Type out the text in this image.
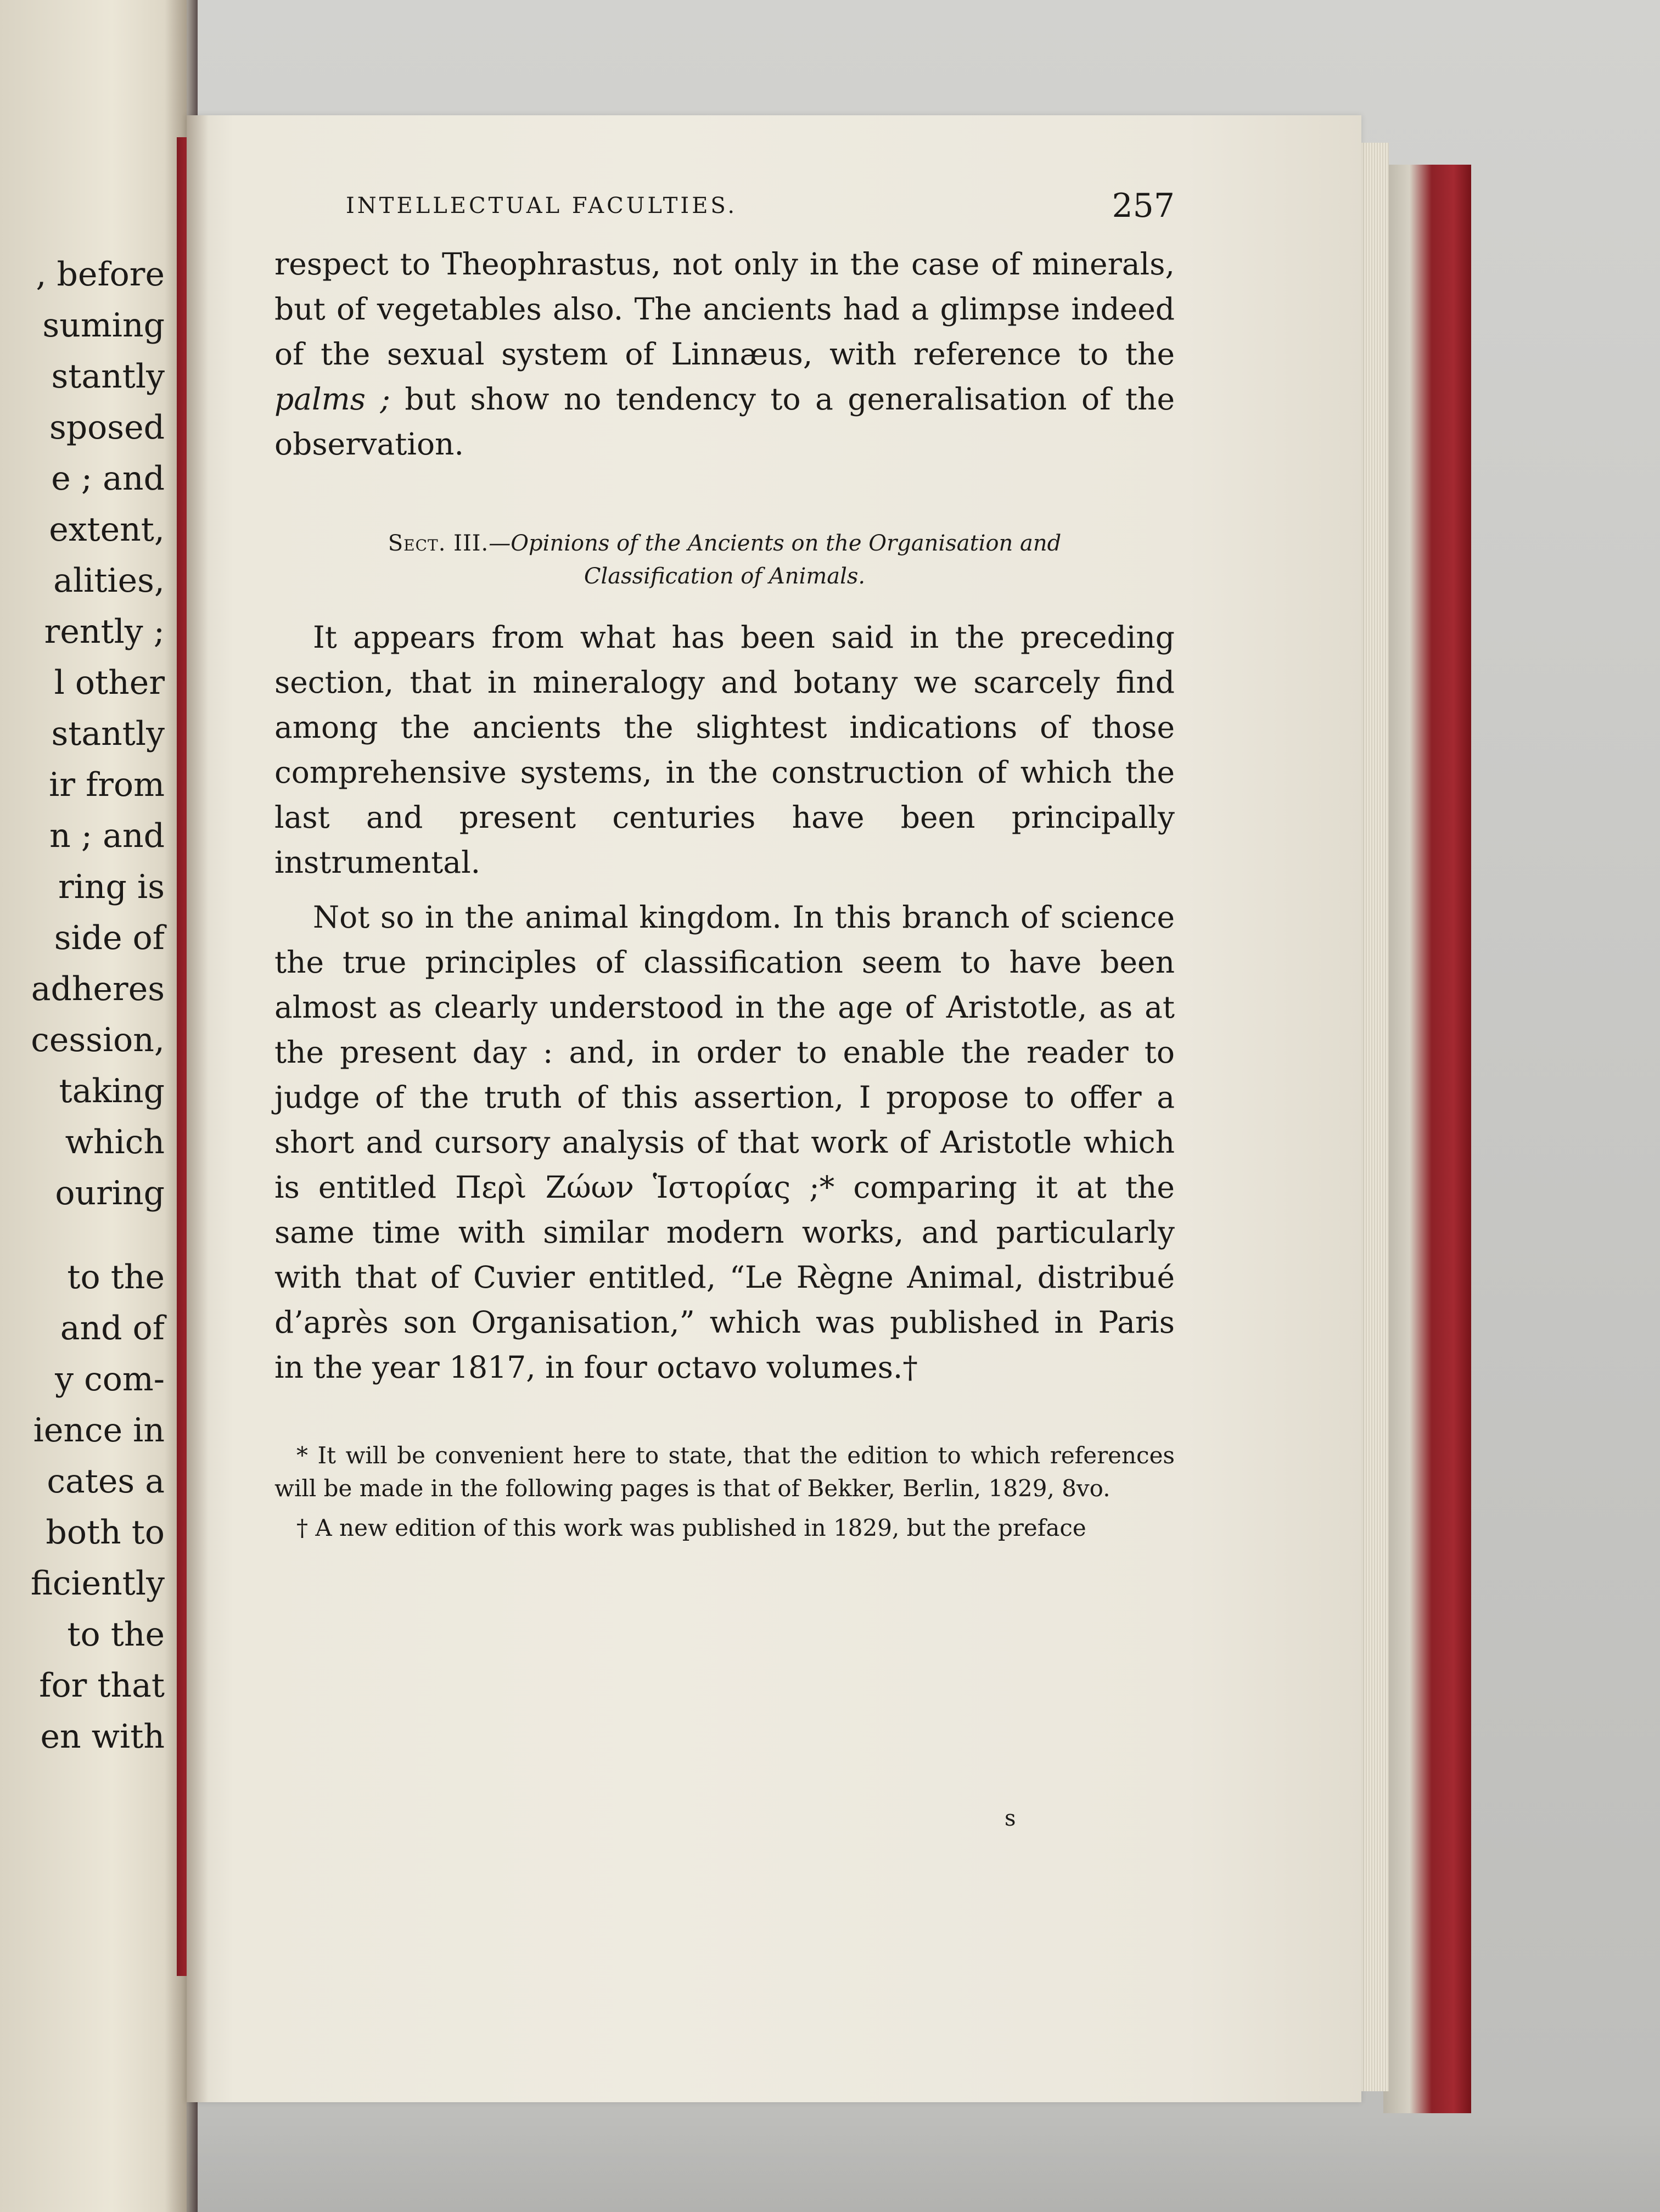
, before
suming
stantly
sposed
e ; and
extent,
alities,
rently ;
l other
stantly
ir from
n ; and
ring is
side of
adheres
cession,
taking
which
ouring
to the
and of
y com-
ience in
cates a
both to
ficiently
to the
for that
en with
INTELLECTUAL FACULTIES.	257

respect to Theophrastus, not only in the case of minerals, but of vegetables also. The ancients had a glimpse indeed of the sexual system of Linnæus, with reference to the palms ; but show no tendency to a generalisation of the observation.

Sect. III.—Opinions of the Ancients on the Organisation and
Classification of Animals.

It appears from what has been said in the preceding section, that in mineralogy and botany we scarcely find among the ancients the slightest indications of those comprehensive systems, in the construction of which the last and present centuries have been principally instrumental.

Not so in the animal kingdom. In this branch of science the true principles of classification seem to have been almost as clearly understood in the age of Aristotle, as at the present day : and, in order to enable the reader to judge of the truth of this assertion, I propose to offer a short and cursory analysis of that work of Aristotle which is entitled Περὶ Ζώων Ἱστορίας ;* comparing it at the same time with similar modern works, and particularly with that of Cuvier entitled, “Le Règne Animal, distribué d’après son Organisation,” which was published in Paris in the year 1817, in four octavo volumes.†

* It will be convenient here to state, that the edition to which references will be made in the following pages is that of Bekker, Berlin, 1829, 8vo.

† A new edition of this work was published in 1829, but the preface

s
